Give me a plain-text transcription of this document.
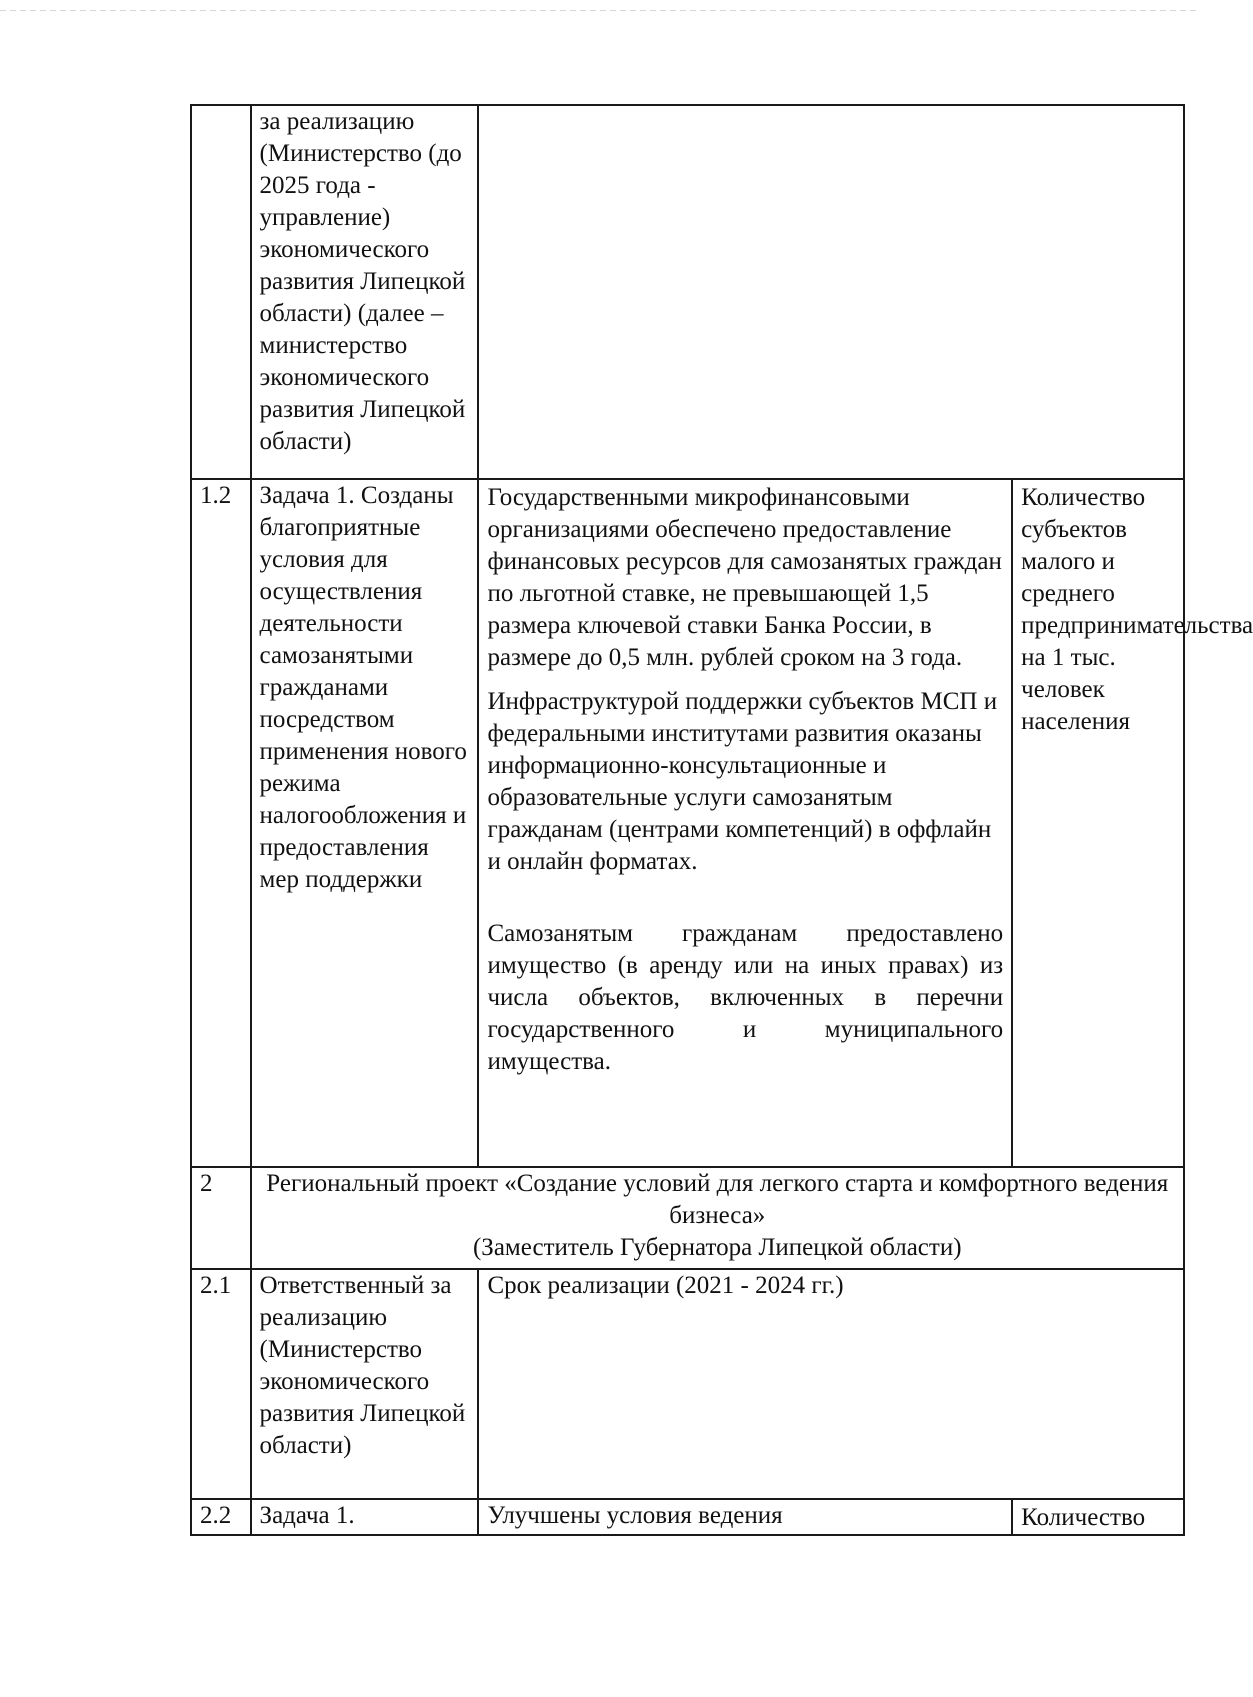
	за реализацию (Министерство (до 2025 года - управление) экономического развития Липецкой области) (далее – министерство экономического развития Липецкой области)		

1.2	Задача 1. Созданы благоприятные условия для осуществления деятельности самозанятыми гражданами посредством применения нового режима налогообложения и предоставления мер поддержки	Государственными микрофинансовыми организациями обеспечено предоставление финансовых ресурсов для самозанятых граждан по льготной ставке, не превышающей 1,5 размера ключевой ставки Банка России, в размере до 0,5 млн. рублей сроком на 3 года.

Инфраструктурой поддержки субъектов МСП и федеральными институтами развития оказаны информационно-консультационные и образовательные услуги самозанятым гражданам (центрами компетенций) в оффлайн и онлайн форматах.

Самозанятым гражданам предоставлено имущество (в аренду или на иных правах) из числа объектов, включенных в перечни государственного и муниципального имущества.	Количество субъектов малого и среднего предпринимательства на 1 тыс. человек населения

2	Региональный проект «Создание условий для легкого старта и комфортного ведения бизнеса»
(Заместитель Губернатора Липецкой области)		

2.1	Ответственный за реализацию (Министерство экономического развития Липецкой области)	Срок реализации (2021 - 2024 гг.)	

2.2	Задача 1.	Улучшены условия ведения	Количество
